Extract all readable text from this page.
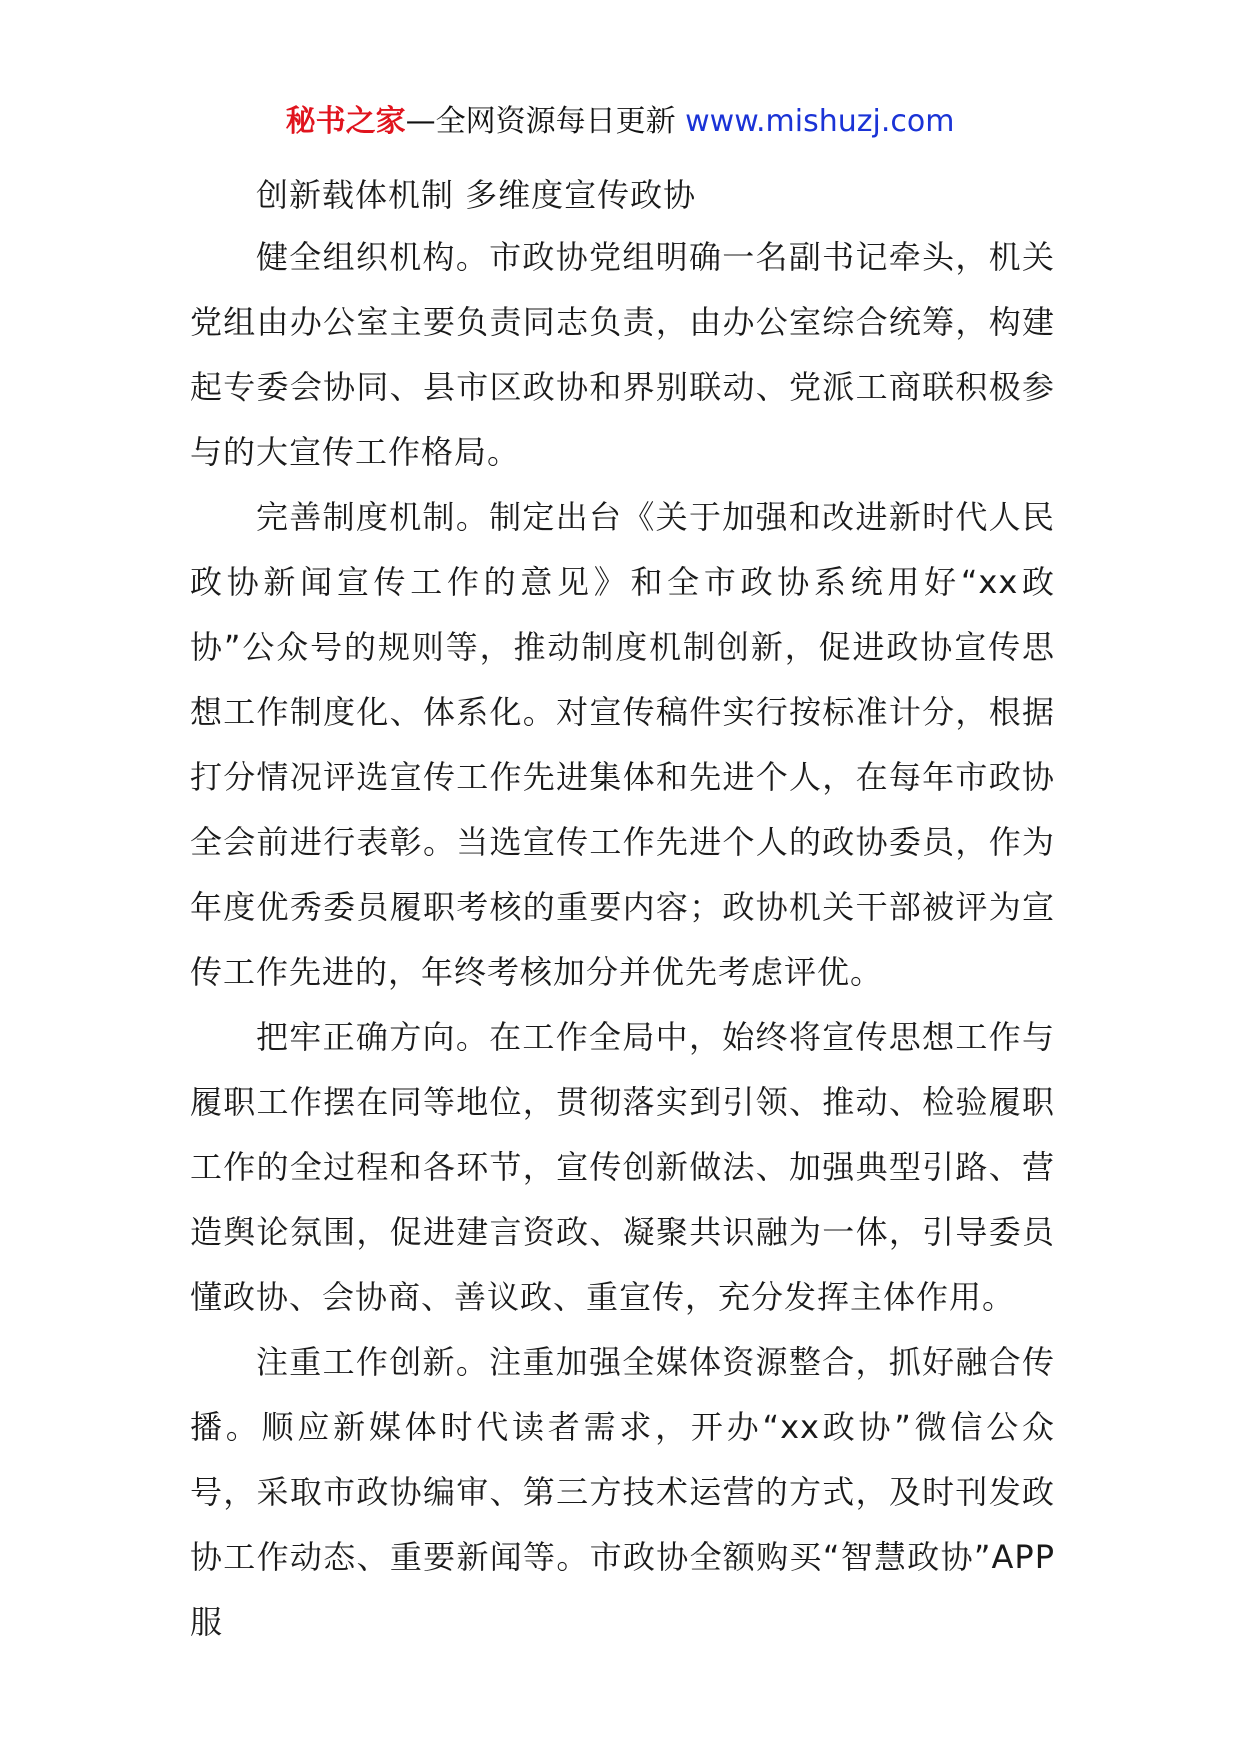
秘书之家—全网资源每日更新 www.mishuzj.com

创新载体机制 多维度宣传政协

健全组织机构。市政协党组明确一名副书记牵头，机关党组由办公室主要负责同志负责，由办公室综合统筹，构建起专委会协同、县市区政协和界别联动、党派工商联积极参与的大宣传工作格局。

完善制度机制。制定出台《关于加强和改进新时代人民政协新闻宣传工作的意见》和全市政协系统用好“xx政协”公众号的规则等，推动制度机制创新，促进政协宣传思想工作制度化、体系化。对宣传稿件实行按标准计分，根据打分情况评选宣传工作先进集体和先进个人，在每年市政协全会前进行表彰。当选宣传工作先进个人的政协委员，作为年度优秀委员履职考核的重要内容；政协机关干部被评为宣传工作先进的，年终考核加分并优先考虑评优。

把牢正确方向。在工作全局中，始终将宣传思想工作与履职工作摆在同等地位，贯彻落实到引领、推动、检验履职工作的全过程和各环节，宣传创新做法、加强典型引路、营造舆论氛围，促进建言资政、凝聚共识融为一体，引导委员懂政协、会协商、善议政、重宣传，充分发挥主体作用。

注重工作创新。注重加强全媒体资源整合，抓好融合传播。顺应新媒体时代读者需求，开办“xx政协”微信公众号，采取市政协编审、第三方技术运营的方式，及时刊发政协工作动态、重要新闻等。市政协全额购买“智慧政协”APP服
